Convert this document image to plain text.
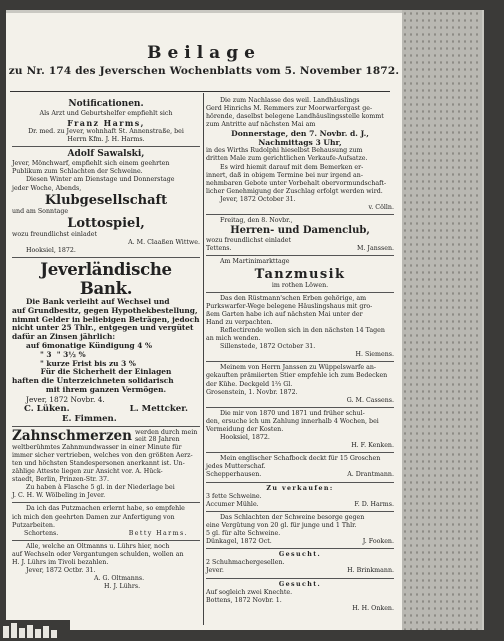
Beilage
zu Nr. 174 des Jeverschen Wochenblatts vom 5. November 1872.
Notificationen.
Als Arzt und Geburtshelfer empfiehlt sich
Franz Harms,
Dr. med. zu Jever, wohnhaft St. Annenstraße, bei
Herrn Kfm. J. H. Harms.
Adolf Sawalski,
Jever, Mönchwarf, empfiehlt sich einem geehrten
Publikum zum Schlachten der Schweine.
Diesen Winter am Dienstage und Donnerstage
jeder Woche, Abends,
Klubgesellschaft
und am Sonntage
Lottospiel,
wozu freundlichst einladet
A. M. Claaßen Wittwe.
Hooksiel, 1872.
Jeverländische Bank.
Die Bank verleiht auf Wechsel und
auf Grundbesitz, gegen Hypothekbestellung,
nimmt Gelder in beliebigen Beträgen, jedoch
nicht unter 25 Thlr., entgegen und vergütet
dafür an Zinsen jährlich:
auf 6monatige Kündigung 4 %
" 3 " 3½ %
" kurze Frist bis zu 3 %
Für die Sicherheit der Einlagen
haften die Unterzeichneten solidarisch
mit ihrem ganzen Vermögen.
Jever, 1872 Novbr. 4.
C. Lüken.	L. Mettcker.
E. Fimmen.
Zahnschmerzen werden durch mein
seit 28 Jahren
weltberühmtes Zahnmundwasser in einer Minute für
immer sicher vertrieben, welches von den größten Aerz-
ten und höchsten Standespersonen anerkannt ist. Un-
zählige Atteste liegen zur Ansicht vor. A. Hück-
staedt, Berlin, Prinzen-Str. 37.
Zu haben à Flasche 5 gl. in der Niederlage bei
J. C. H. W. Wölbeling in Jever.
Da ich das Putzmachen erlernt habe, so empfehle
ich mich den geehrten Damen zur Anfertigung von
Putzarbeiten.
Schortens.	Betty Harms.
Alle, welche an Oltmanns u. Lührs hier, noch
auf Wechseln oder Vergantungen schulden, wollen an
H. J. Lührs im Tivoli bezahlen.
Jever, 1872 Octbr. 31.
A. G. Oltmanns.
H. J. Lührs.
Die zum Nachlasse des weil. Landhäuslings
Gerd Hinrichs M. Remmers zur Moorwarfergast ge-
hörende, daselbst belegene Landhäuslingsstelle kommt
zum Antritte auf nächsten Mai am
Donnerstage, den 7. Novbr. d. J.,
Nachmittags 3 Uhr,
in des Wirths Rudolphi hieselbst Behausung zum
dritten Male zum gerichtlichen Verkaufe-Aufsatze.
Es wird hiemit darauf mit dem Bemerken er-
innert, daß in obigem Termine bei nur irgend an-
nehmbaren Gebote unter Vorbehalt obervormundschaft-
licher Genehmigung der Zuschlag erfolgt werden wird.
Jever, 1872 October 31.
v. Cölln.
Freitag, den 8. Novbr.,
Herren- und Damenclub,
wozu freundlichst einladet
Tettens.	M. Janssen.
Am Martinimarkttage
Tanzmusik
im rothen Löwen.
Das den Rüstmann'schen Erben gehörige, am
Purkswarfer-Wege belegene Häuslingshaus mit gro-
ßem Garten habe ich auf nächsten Mai unter der
Hand zu verpachten.
Reflectirende wollen sich in den nächsten 14 Tagen
an mich wenden.
Sillenstede, 1872 October 31.
H. Siemens.
Meinem von Herrn Janssen zu Wüppelswarfe an-
gekauften prämiierten Stier empfehle ich zum Bedecken
der Kühe. Deckgeld 1⅔ Gl.
Grosenstein, 1. Novbr. 1872.
G. M. Cassens.
Die mir von 1870 und 1871 und früher schul-
den, ersuche ich um Zahlung innerhalb 4 Wochen, bei
Vermeidung der Kosten.
Hooksiel, 1872.
H. F. Kenken.
Mein englischer Schafbock deckt für 15 Groschen
jedes Mutterschaf.
Schepperhausen.	A. Drantmann.
Zu verkaufen:
3 fette Schweine.
Accumer Mühle.	F. D. Harms.
Das Schlachten der Schweine besorge gegen
eine Vergütung von 20 gl. für junge und 1 Thlr.
5 gl. für alte Schweine.
Dünkagel, 1872 Oct.	J. Fooken.
Gesucht.
2 Schuhmachergesellen.
Jever.	H. Brinkmann.
Gesucht.
Auf sogleich zwei Knechte.
Bottens, 1872 Novbr. 1.
H. H. Onken.
